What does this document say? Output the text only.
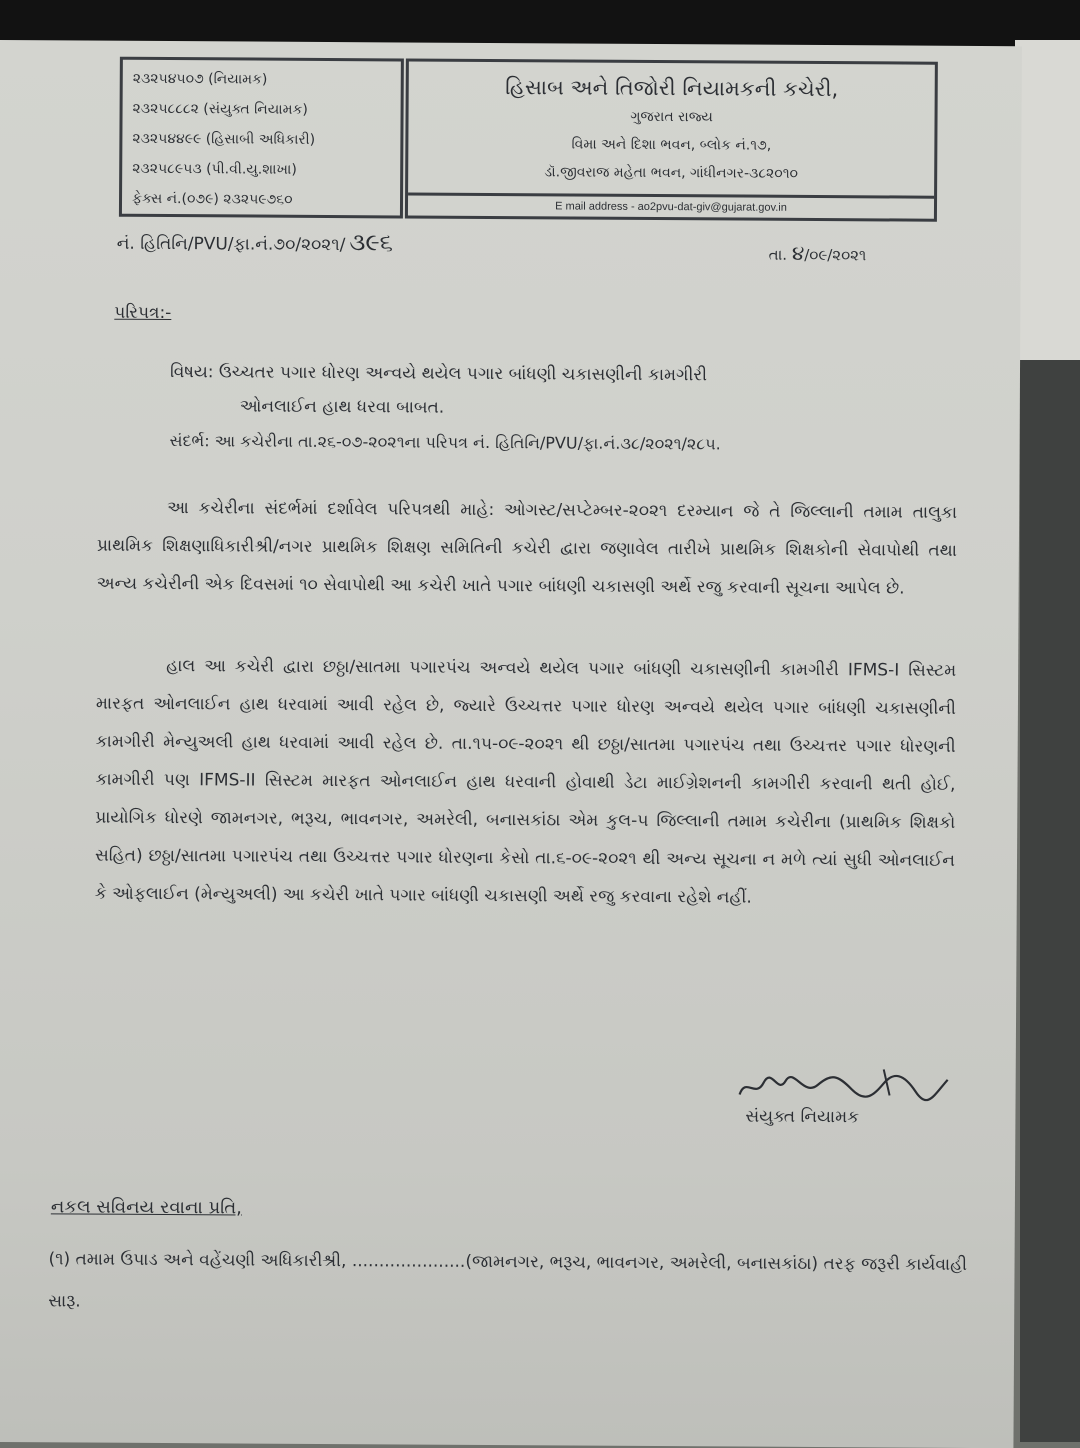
૨૩૨૫૪૫૦૭ (નિયામક)
૨૩૨૫૮૮૮૨ (સંયુક્ત નિયામક)
૨૩૨૫૪૪૯૯ (હિસાબી અધિકારી)
૨૩૨૫૮૯૫૩ (પી.વી.યુ.શાખા)
ફેક્સ નં.(૦૭૯) ૨૩૨૫૯૭૬૦
હિસાબ અને તિજોરી નિયામકની કચેરી,
ગુજરાત રાજ્ય
વિમા અને દિશા ભવન, બ્લોક નં.૧૭,
ડૉ.જીવરાજ મહેતા ભવન, ગાંધીનગર-૩૮૨૦૧૦
E mail address - ao2pvu-dat-giv@gujarat.gov.in
નં. હિતિનિ/PVU/ફા.નં.૭૦/૨૦૨૧/ ૩૯૬	તા. ૪/૦૯/૨૦૨૧
પરિપત્ર:-
વિષય: ઉચ્ચતર પગાર ધોરણ અન્વયે થયેલ પગાર બાંધણી ચકાસણીની કામગીરી
ઓનલાઈન હાથ ધરવા બાબત.
સંદર્ભ: આ કચેરીના તા.૨૬-૦૭-૨૦૨૧ના પરિપત્ર નં. હિતિનિ/PVU/ફા.નં.૩૮/૨૦૨૧/૨૮૫.

આ કચેરીના સંદર્ભમાં દર્શાવેલ પરિપત્રથી માહે: ઓગસ્ટ/સપ્ટેમ્બર-૨૦૨૧ દરમ્યાન જે તે જિલ્લાની તમામ તાલુકા પ્રાથમિક શિક્ષણાધિકારીશ્રી/નગર પ્રાથમિક શિક્ષણ સમિતિની કચેરી દ્વારા જણાવેલ તારીખે પ્રાથમિક શિક્ષકોની સેવાપોથી તથા અન્ય કચેરીની એક દિવસમાં ૧૦ સેવાપોથી આ કચેરી ખાતે પગાર બાંધણી ચકાસણી અર્થે રજુ કરવાની સૂચના આપેલ છે.

હાલ આ કચેરી દ્વારા છઠ્ઠા/સાતમા પગારપંચ અન્વયે થયેલ પગાર બાંધણી ચકાસણીની કામગીરી IFMS-I સિસ્ટમ મારફત ઓનલાઈન હાથ ધરવામાં આવી રહેલ છે, જ્યારે ઉચ્ચત્તર પગાર ધોરણ અન્વયે થયેલ પગાર બાંધણી ચકાસણીની કામગીરી મેન્યુઅલી હાથ ધરવામાં આવી રહેલ છે. તા.૧૫-૦૯-૨૦૨૧ થી છઠ્ઠા/સાતમા પગારપંચ તથા ઉચ્ચત્તર પગાર ધોરણની કામગીરી પણ IFMS-II સિસ્ટમ મારફત ઓનલાઈન હાથ ધરવાની હોવાથી ડેટા માઈગ્રેશનની કામગીરી કરવાની થતી હોઈ, પ્રાયોગિક ધોરણે જામનગર, ભરૂચ, ભાવનગર, અમરેલી, બનાસકાંઠા એમ કુલ-૫ જિલ્લાની તમામ કચેરીના (પ્રાથમિક શિક્ષકો સહિત) છઠ્ઠા/સાતમા પગારપંચ તથા ઉચ્ચત્તર પગાર ધોરણના કેસો તા.૬-૦૯-૨૦૨૧ થી અન્ય સૂચના ન મળે ત્યાં સુધી ઓનલાઈન કે ઓફલાઈન (મેન્યુઅલી) આ કચેરી ખાતે પગાર બાંધણી ચકાસણી અર્થે રજુ કરવાના રહેશે નહીં.

સંયુક્ત નિયામક
નકલ સવિનય રવાના પ્રતિ,
(૧) તમામ ઉપાડ અને વહેંચણી અધિકારીશ્રી, .....................(જામનગર, ભરૂચ, ભાવનગર, અમરેલી, બનાસકાંઠા) તરફ જરૂરી કાર્યવાહી સારૂ.
